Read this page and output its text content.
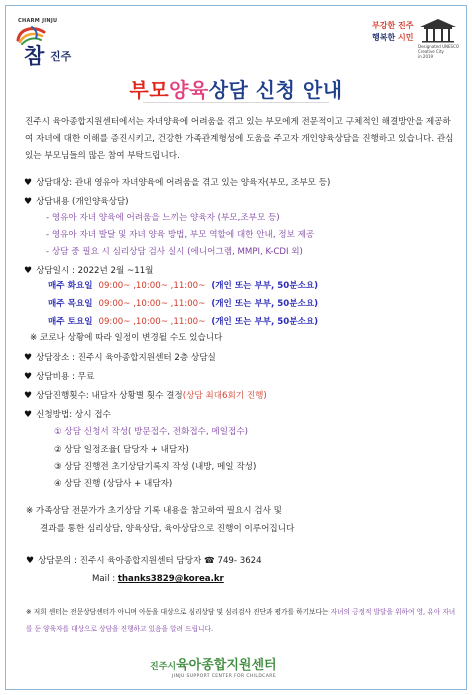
CHARM JINJU
참 진주
부강한 진주
행복한 시민
Designated UNESCO
Creative City
in 2019
부모양육상담 신청 안내
진주시 육아종합지원센터에서는 자녀양육에 어려움을 겪고 있는 부모에게 전문적이고 구체적인 해결방안을 제공하여 자녀에 대한 이해를 증진시키고, 건강한 가족관계형성에 도움을 주고자 개인양육상담을 진행하고 있습니다. 관심 있는 부모님들의 많은 참여 부탁드립니다.
♥ 상담대상: 관내 영유아 자녀양육에 어려움을 겪고 있는 양육자(부모, 조부모 등)
♥ 상담내용 (개인양육상담)
- 영유아 자녀 양육에 어려움을 느끼는 양육자 (부모,조부모 등)
- 영유아 자녀 발달 및 자녀 양육 방법, 부모 역할에 대한 안내, 정보 제공
- 상담 중 필요 시 심리상담 검사 실시 (에니어그램, MMPI, K-CDI 외)
♥ 상담일시 : 2022년 2월 ~11월
매주 화요일 09:00~ ,10:00~ ,11:00~ (개인 또는 부부, 50분소요)
매주 목요일 09:00~ ,10:00~ ,11:00~ (개인 또는 부부, 50분소요)
매주 토요일 09:00~ ,10:00~ ,11:00~ (개인 또는 부부, 50분소요)
※ 코로나 상황에 따라 일정이 변경될 수도 있습니다
♥ 상담장소 : 진주시 육아종합지원센터 2층 상담실
♥ 상담비용 : 무료
♥ 상담진행횟수: 내담자 상황별 횟수 결정(상담 최대6회기 진행)
♥ 신청방법: 상시 접수
① 상담 신청서 작성( 방문접수, 전화접수, 메일접수)
② 상담 일정조율( 담당자 + 내담자)
③ 상담 진행전 초기상담기록지 작성 (내방, 메일 작성)
④ 상담 진행 (상담사 + 내담자)
※ 가족상담 전문가가 초기상담 기록 내용을 참고하여 필요시 검사 및
결과를 통한 심리상담, 양육상담, 육아상담으로 진행이 이루어집니다
♥ 상담문의 : 진주시 육아종합지원센터 담당자 ☎ 749- 3624
Mail : thanks3829@korea.kr
※ 저희 센터는 전문상담센터가 아니며 아동을 대상으로 심리상담 및 심리검사 진단과 평가를 하기보다는 자녀의 긍정적 발달을 위하여 영, 유아 자녀를 둔 양육자를 대상으로 상담을 진행하고 있음을 알려 드립니다.
진주시육아종합지원센터
JINJU SUPPORT CENTER FOR CHILDCARE
